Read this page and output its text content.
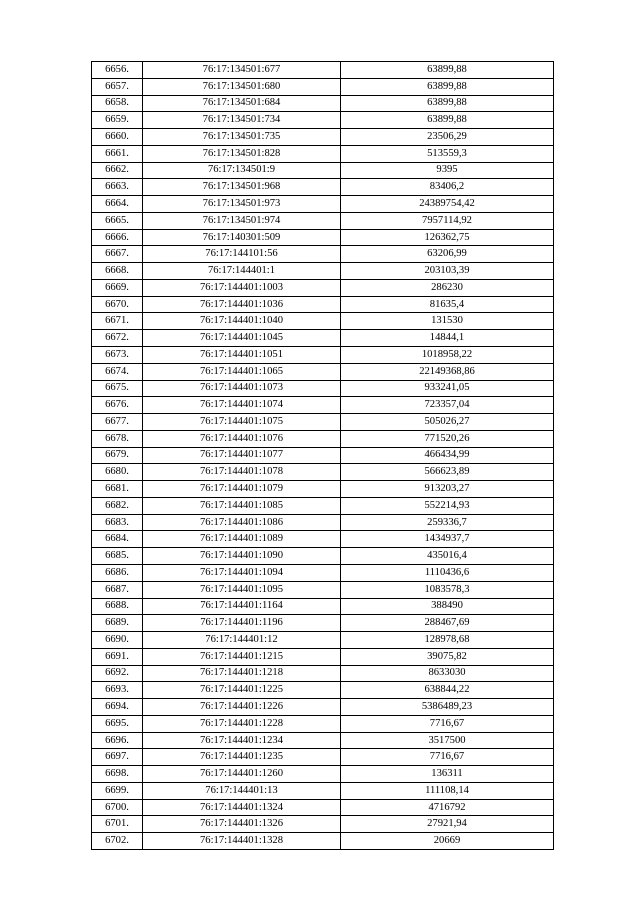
6656.	76:17:134501:677	63899,88
6657.	76:17:134501:680	63899,88
6658.	76:17:134501:684	63899,88
6659.	76:17:134501:734	63899,88
6660.	76:17:134501:735	23506,29
6661.	76:17:134501:828	513559,3
6662.	76:17:134501:9	9395
6663.	76:17:134501:968	83406,2
6664.	76:17:134501:973	24389754,42
6665.	76:17:134501:974	7957114,92
6666.	76:17:140301:509	126362,75
6667.	76:17:144101:56	63206,99
6668.	76:17:144401:1	203103,39
6669.	76:17:144401:1003	286230
6670.	76:17:144401:1036	81635,4
6671.	76:17:144401:1040	131530
6672.	76:17:144401:1045	14844,1
6673.	76:17:144401:1051	1018958,22
6674.	76:17:144401:1065	22149368,86
6675.	76:17:144401:1073	933241,05
6676.	76:17:144401:1074	723357,04
6677.	76:17:144401:1075	505026,27
6678.	76:17:144401:1076	771520,26
6679.	76:17:144401:1077	466434,99
6680.	76:17:144401:1078	566623,89
6681.	76:17:144401:1079	913203,27
6682.	76:17:144401:1085	552214,93
6683.	76:17:144401:1086	259336,7
6684.	76:17:144401:1089	1434937,7
6685.	76:17:144401:1090	435016,4
6686.	76:17:144401:1094	1110436,6
6687.	76:17:144401:1095	1083578,3
6688.	76:17:144401:1164	388490
6689.	76:17:144401:1196	288467,69
6690.	76:17:144401:12	128978,68
6691.	76:17:144401:1215	39075,82
6692.	76:17:144401:1218	8633030
6693.	76:17:144401:1225	638844,22
6694.	76:17:144401:1226	5386489,23
6695.	76:17:144401:1228	7716,67
6696.	76:17:144401:1234	3517500
6697.	76:17:144401:1235	7716,67
6698.	76:17:144401:1260	136311
6699.	76:17:144401:13	111108,14
6700.	76:17:144401:1324	4716792
6701.	76:17:144401:1326	27921,94
6702.	76:17:144401:1328	20669
